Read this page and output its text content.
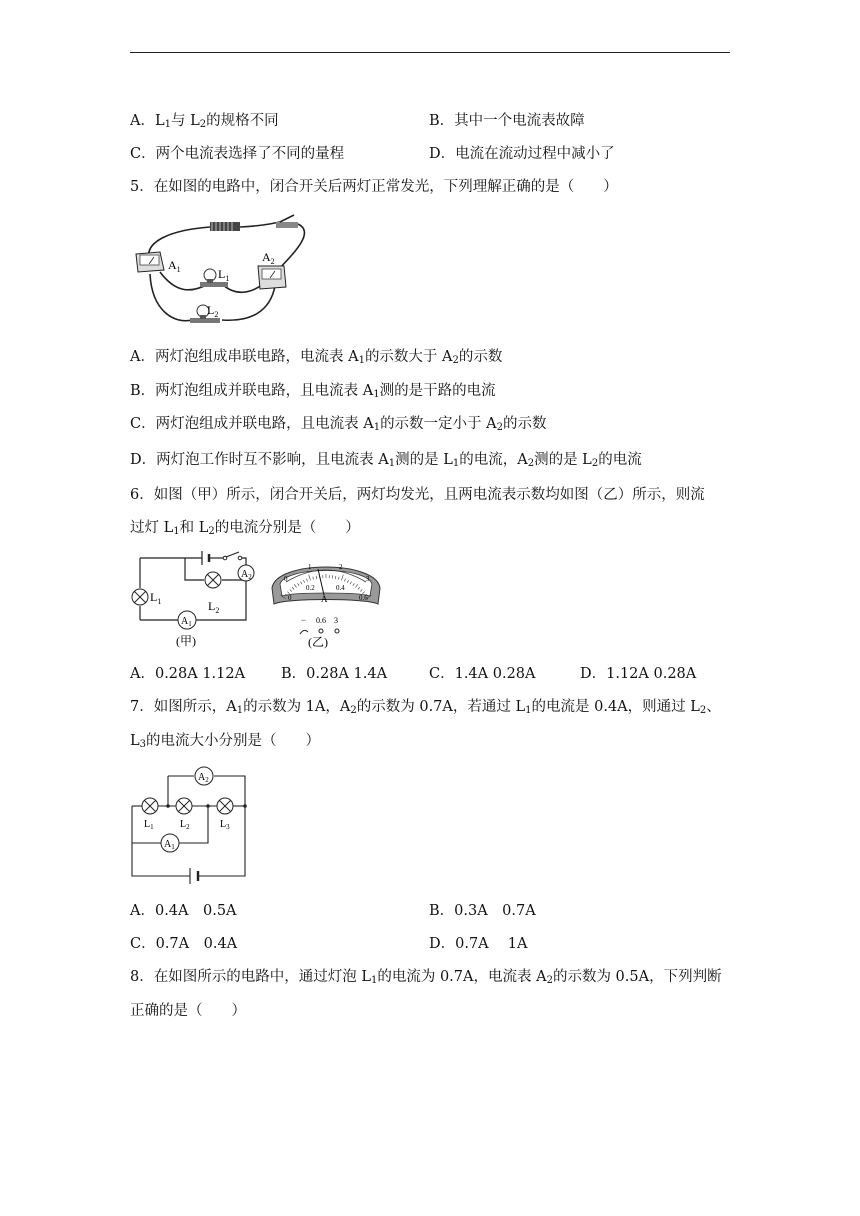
A．$L_1$与 $L_2$的规格不同	B．其中一个电流表故障
C．两个电流表选择了不同的量程	D．电流在流动过程中减小了
5．在如图的电路中，闭合开关后两灯正常发光，下列理解正确的是（　　）
$A_1$	$L_1$
$A_2$
$L_2$
A．两灯泡组成串联电路，电流表 $A_1$的示数大于 $A_2$的示数
B．两灯泡组成并联电路，且电流表 $A_1$测的是干路的电流
C．两灯泡组成并联电路，且电流表 $A_1$的示数一定小于 $A_2$的示数
D．两灯泡工作时互不影响，且电流表 $A_1$测的是 $L_1$的电流，$A_2$测的是 $L_2$的电流
6．如图（甲）所示，闭合开关后，两灯均发光，且两电流表示数均如图（乙）所示，则流
过灯 $L_1$和 $L_2$的电流分别是（　　）
$A_2$
$L_1$	$L_2$
$A_1$
(甲)
0
1	2
3
0
0.2	0.4
0.6
A
− 0.6 3
(乙)
A．0.28A 1.12A B．0.28A 1.4A	C．1.4A 0.28A	D．1.12A 0.28A
7．如图所示，$A_1$的示数为 1A，$A_2$的示数为 0.7A，若通过 $L_1$的电流是 0.4A，则通过 $L_2$、
$L_3$的电流大小分别是（　　）
$A_2$
$L_1$	$L_2$	$L_3$
$A_1$
A．0.4A　0.5A	B．0.3A　0.7A
C．0.7A　0.4A	D．0.7A　 1A
8．在如图所示的电路中，通过灯泡 $L_1$的电流为 0.7A，电流表 $A_2$的示数为 0.5A，下列判断
正确的是（　　）
